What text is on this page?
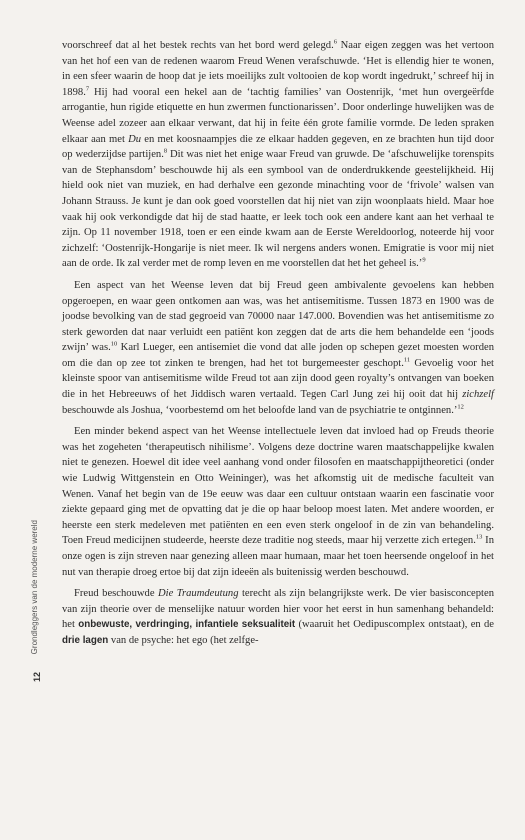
Grondleggers van de moderne wereld
12

voorschreef dat al het bestek rechts van het bord werd gelegd.$^6$ Naar eigen zeggen was het vertoon van het hof een van de redenen waarom Freud Wenen verafschuwde. ‘Het is ellendig hier te wonen, in een sfeer waarin de hoop dat je iets moeilijks zult voltooien de kop wordt ingedrukt,’ schreef hij in 1898.$^7$ Hij had vooral een hekel aan de ‘tachtig families’ van Oostenrijk, ‘met hun overgeërfde arrogantie, hun rigide etiquette en hun zwermen functionarissen’. Door onderlinge huwelijken was de Weense adel zozeer aan elkaar verwant, dat hij in feite één grote familie vormde. De leden spraken elkaar aan met Du en met koosnaampjes die ze elkaar hadden gegeven, en ze brachten hun tijd door op wederzijdse partijen.$^8$ Dit was niet het enige waar Freud van gruwde. De ‘afschuwelijke torenspits van de Stephansdom’ beschouwde hij als een symbool van de onderdrukkende geestelijkheid. Hij hield ook niet van muziek, en had derhalve een gezonde minachting voor de ‘frivole’ walsen van Johann Strauss. Je kunt je dan ook goed voorstellen dat hij niet van zijn woonplaats hield. Maar hoe vaak hij ook verkondigde dat hij de stad haatte, er leek toch ook een andere kant aan het verhaal te zijn. Op 11 november 1918, toen er een einde kwam aan de Eerste Wereldoorlog, noteerde hij voor zichzelf: ‘Oostenrijk-Hongarije is niet meer. Ik wil nergens anders wonen. Emigratie is voor mij niet aan de orde. Ik zal verder met de romp leven en me voorstellen dat het het geheel is.’$^9$

Een aspect van het Weense leven dat bij Freud geen ambivalente gevoelens kan hebben opgeroepen, en waar geen ontkomen aan was, was het antisemitisme. Tussen 1873 en 1900 was de joodse bevolking van de stad gegroeid van 70000 naar 147.000. Bovendien was het antisemitisme zo sterk geworden dat naar verluidt een patiënt kon zeggen dat de arts die hem behandelde een ‘joods zwijn’ was.$^{10}$ Karl Lueger, een antisemiet die vond dat alle joden op schepen gezet moesten worden om die dan op zee tot zinken te brengen, had het tot burgemeester geschopt.$^{11}$ Gevoelig voor het kleinste spoor van antisemitisme wilde Freud tot aan zijn dood geen royalty’s ontvangen van boeken die in het Hebreeuws of het Jiddisch waren vertaald. Tegen Carl Jung zei hij ooit dat hij zichzelf beschouwde als Joshua, ‘voorbestemd om het beloofde land van de psychiatrie te ontginnen.’$^{12}$

Een minder bekend aspect van het Weense intellectuele leven dat invloed had op Freuds theorie was het zogeheten ‘therapeutisch nihilisme’. Volgens deze doctrine waren maatschappelijke kwalen niet te genezen. Hoewel dit idee veel aanhang vond onder filosofen en maatschappijtheoretici (onder wie Ludwig Wittgenstein en Otto Weininger), was het afkomstig uit de medische faculteit van Wenen. Vanaf het begin van de 19e eeuw was daar een cultuur ontstaan waarin een fascinatie voor ziekte gepaard ging met de opvatting dat je die op haar beloop moest laten. Met andere woorden, er heerste een sterk medeleven met patiënten en een even sterk ongeloof in de zin van behandeling. Toen Freud medicijnen studeerde, heerste deze traditie nog steeds, maar hij verzette zich ertegen.$^{13}$ In onze ogen is zijn streven naar genezing alleen maar humaan, maar het toen heersende ongeloof in het nut van therapie droeg ertoe bij dat zijn ideeën als buitenissig werden beschouwd.

Freud beschouwde Die Traumdeutung terecht als zijn belangrijkste werk. De vier basisconcepten van zijn theorie over de menselijke natuur worden hier voor het eerst in hun samenhang behandeld: het onbewuste, verdringing, infantiele seksualiteit (waaruit het Oedipuscomplex ontstaat), en de drie lagen van de psyche: het ego (het zelfge-
